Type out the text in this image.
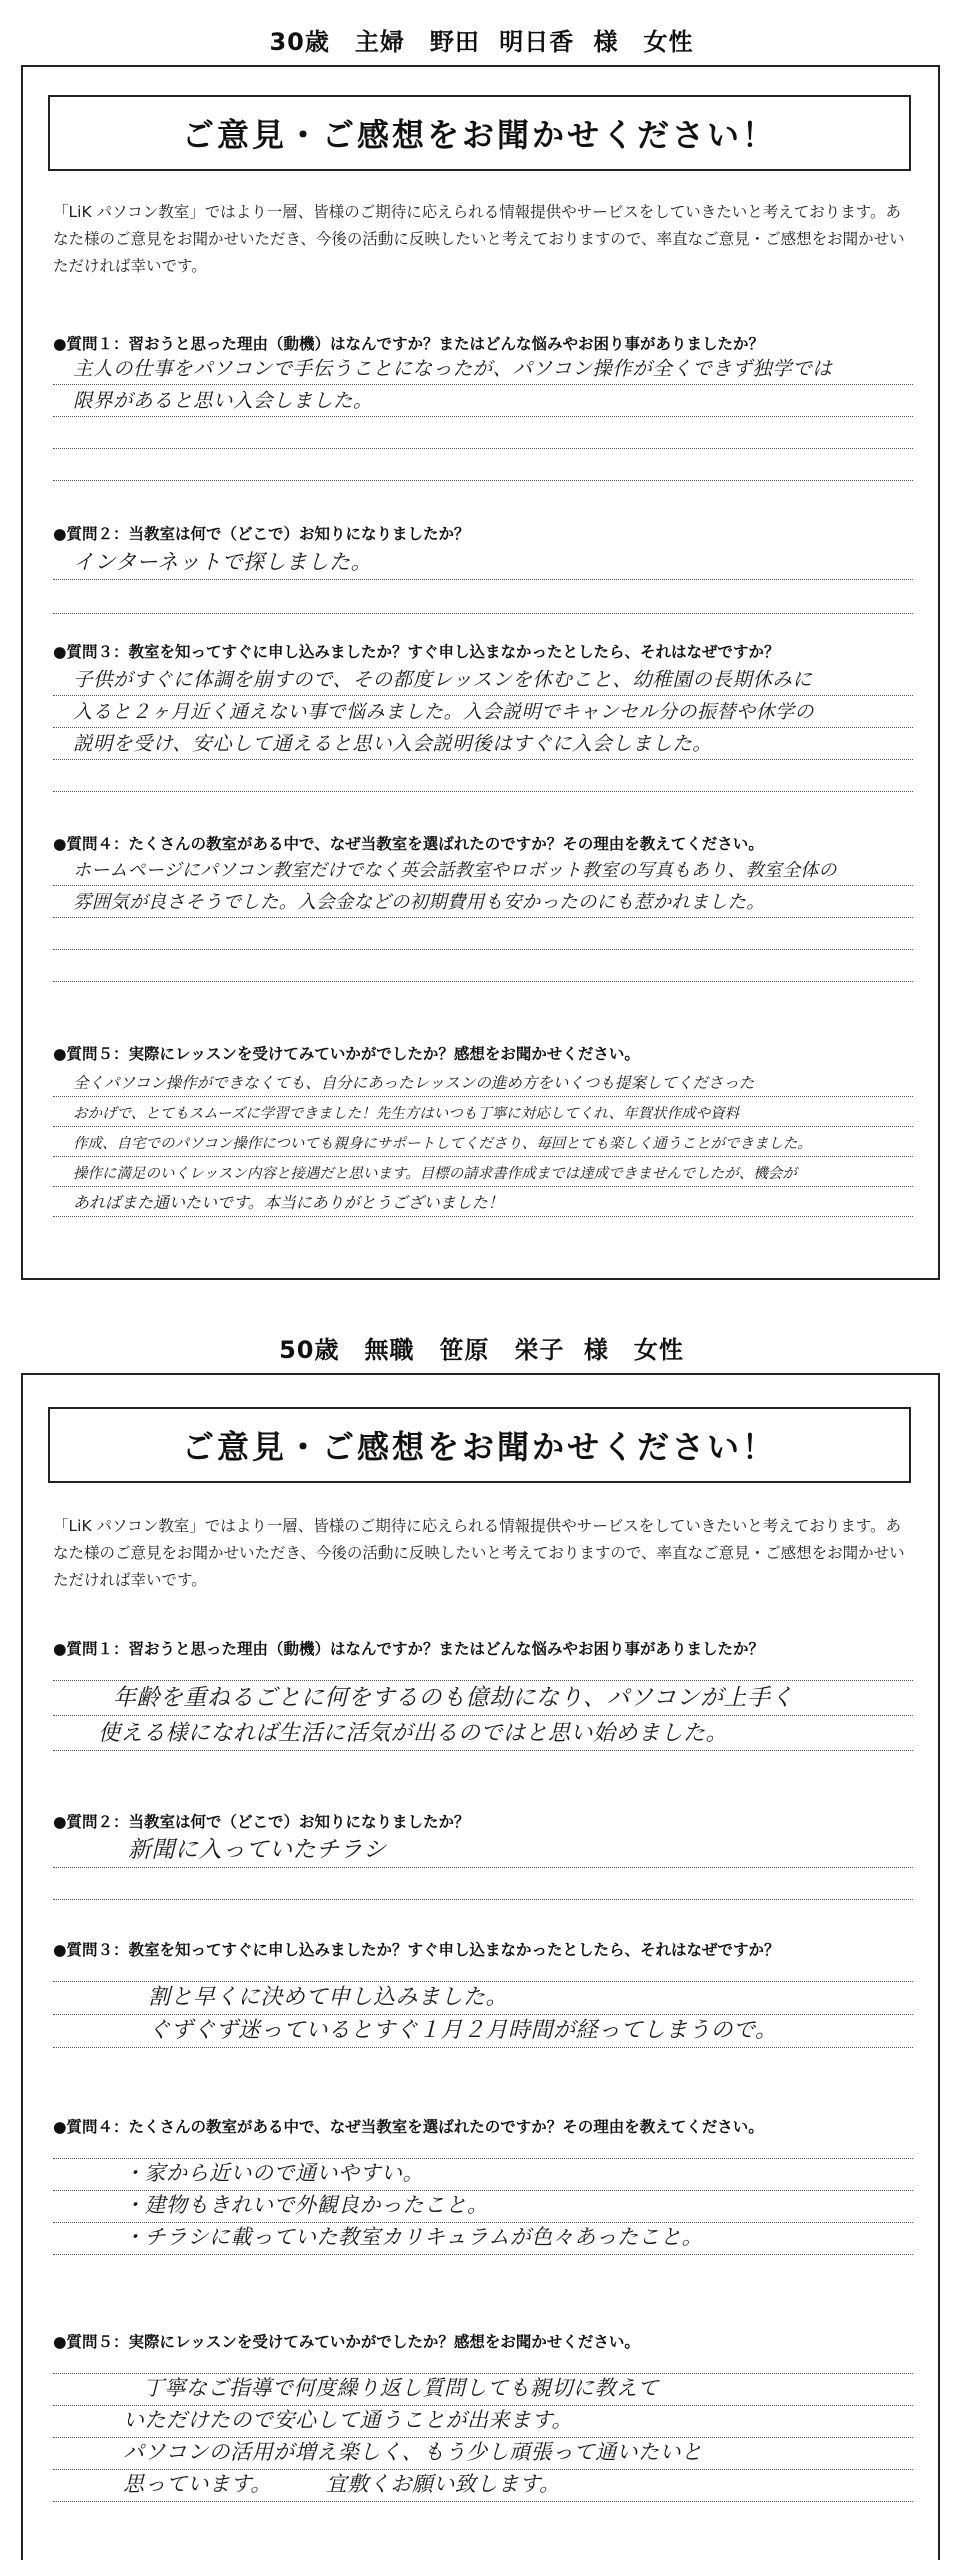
30歳　主婦　野田 明日香 様　女性
ご意見・ご感想をお聞かせください！
「LiK パソコン教室」ではより一層、皆様のご期待に応えられる情報提供やサービスをしていきたいと考えております。あなた様のご意見をお聞かせいただき、今後の活動に反映したいと考えておりますので、率直なご意見・ご感想をお聞かせいただければ幸いです。
●質問１：習おうと思った理由（動機）はなんですか？またはどんな悩みやお困り事がありましたか？
主人の仕事をパソコンで手伝うことになったが、パソコン操作が全くできず独学では
限界があると思い入会しました。
●質問２：当教室は何で（どこで）お知りになりましたか？
インターネットで探しました。
●質問３：教室を知ってすぐに申し込みましたか？すぐ申し込まなかったとしたら、それはなぜですか？
子供がすぐに体調を崩すので、その都度レッスンを休むこと、幼稚園の長期休みに
入ると２ヶ月近く通えない事で悩みました。入会説明でキャンセル分の振替や休学の
説明を受け、安心して通えると思い入会説明後はすぐに入会しました。
●質問４：たくさんの教室がある中で、なぜ当教室を選ばれたのですか？その理由を教えてください。
ホームページにパソコン教室だけでなく英会話教室やロボット教室の写真もあり、教室全体の
雰囲気が良さそうでした。入会金などの初期費用も安かったのにも惹かれました。
●質問５：実際にレッスンを受けてみていかがでしたか？感想をお聞かせください。
全くパソコン操作ができなくても、自分にあったレッスンの進め方をいくつも提案してくださった
おかげで、とてもスムーズに学習できました！先生方はいつも丁寧に対応してくれ、年賀状作成や資料
作成、自宅でのパソコン操作についても親身にサポートしてくださり、毎回とても楽しく通うことができました。
操作に満足のいくレッスン内容と接遇だと思います。目標の請求書作成までは達成できませんでしたが、機会が
あればまた通いたいです。本当にありがとうございました！
50歳　無職　笹原　栄子 様　女性
ご意見・ご感想をお聞かせください！
「LiK パソコン教室」ではより一層、皆様のご期待に応えられる情報提供やサービスをしていきたいと考えております。あなた様のご意見をお聞かせいただき、今後の活動に反映したいと考えておりますので、率直なご意見・ご感想をお聞かせいただければ幸いです。
●質問１：習おうと思った理由（動機）はなんですか？またはどんな悩みやお困り事がありましたか？
年齢を重ねるごとに何をするのも億劫になり、パソコンが上手く
使える様になれば生活に活気が出るのではと思い始めました。
●質問２：当教室は何で（どこで）お知りになりましたか？
新聞に入っていたチラシ
●質問３：教室を知ってすぐに申し込みましたか？すぐ申し込まなかったとしたら、それはなぜですか？
割と早くに決めて申し込みました。
ぐずぐず迷っているとすぐ１月２月時間が経ってしまうので。
●質問４：たくさんの教室がある中で、なぜ当教室を選ばれたのですか？その理由を教えてください。
・家から近いので通いやすい。
・建物もきれいで外観良かったこと。
・チラシに載っていた教室カリキュラムが色々あったこと。
●質問５：実際にレッスンを受けてみていかがでしたか？感想をお聞かせください。
丁寧なご指導で何度繰り返し質問しても親切に教えて
いただけたので安心して通うことが出来ます。
パソコンの活用が増え楽しく、もう少し頑張って通いたいと
思っています。　　　宜敷くお願い致します。
